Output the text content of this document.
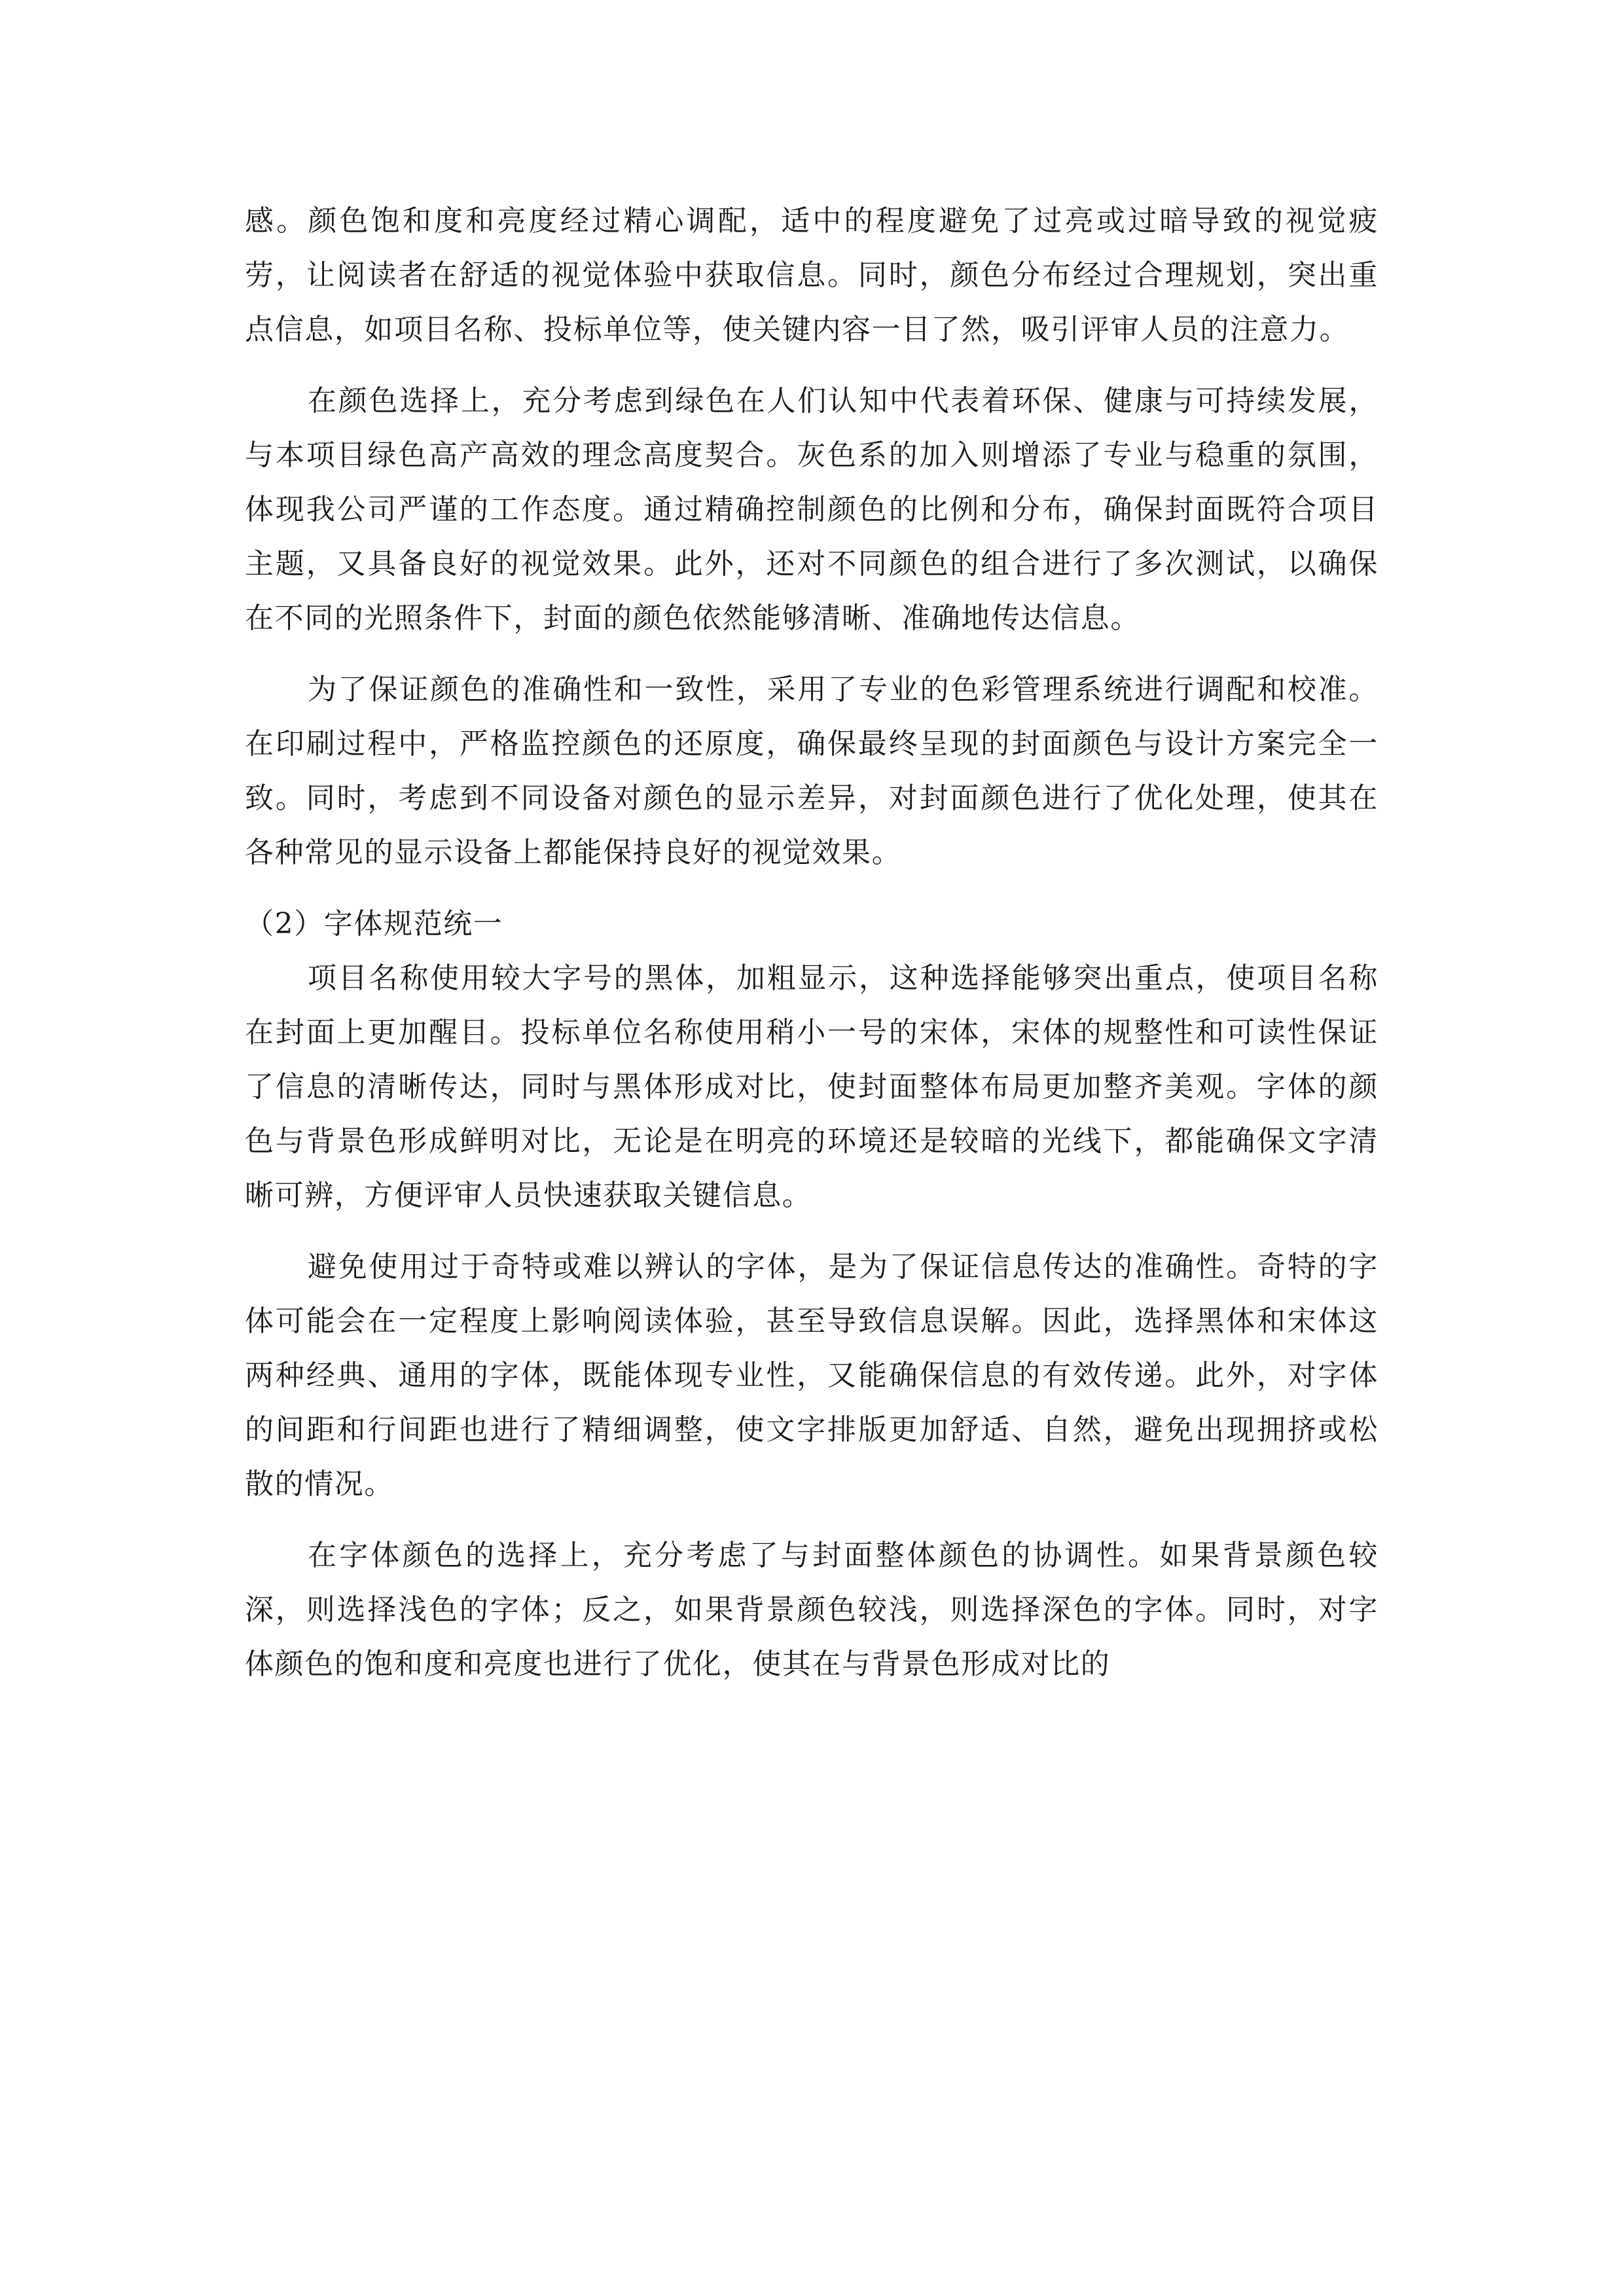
感。颜色饱和度和亮度经过精心调配，适中的程度避免了过亮或过暗导致的视觉疲劳，让阅读者在舒适的视觉体验中获取信息。同时，颜色分布经过合理规划，突出重点信息，如项目名称、投标单位等，使关键内容一目了然，吸引评审人员的注意力。

在颜色选择上，充分考虑到绿色在人们认知中代表着环保、健康与可持续发展，与本项目绿色高产高效的理念高度契合。灰色系的加入则增添了专业与稳重的氛围，体现我公司严谨的工作态度。通过精确控制颜色的比例和分布，确保封面既符合项目主题，又具备良好的视觉效果。此外，还对不同颜色的组合进行了多次测试，以确保在不同的光照条件下，封面的颜色依然能够清晰、准确地传达信息。

为了保证颜色的准确性和一致性，采用了专业的色彩管理系统进行调配和校准。在印刷过程中，严格监控颜色的还原度，确保最终呈现的封面颜色与设计方案完全一致。同时，考虑到不同设备对颜色的显示差异，对封面颜色进行了优化处理，使其在各种常见的显示设备上都能保持良好的视觉效果。

（2）字体规范统一

项目名称使用较大字号的黑体，加粗显示，这种选择能够突出重点，使项目名称在封面上更加醒目。投标单位名称使用稍小一号的宋体，宋体的规整性和可读性保证了信息的清晰传达，同时与黑体形成对比，使封面整体布局更加整齐美观。字体的颜色与背景色形成鲜明对比，无论是在明亮的环境还是较暗的光线下，都能确保文字清晰可辨，方便评审人员快速获取关键信息。

避免使用过于奇特或难以辨认的字体，是为了保证信息传达的准确性。奇特的字体可能会在一定程度上影响阅读体验，甚至导致信息误解。因此，选择黑体和宋体这两种经典、通用的字体，既能体现专业性，又能确保信息的有效传递。此外，对字体的间距和行间距也进行了精细调整，使文字排版更加舒适、自然，避免出现拥挤或松散的情况。

在字体颜色的选择上，充分考虑了与封面整体颜色的协调性。如果背景颜色较深，则选择浅色的字体；反之，如果背景颜色较浅，则选择深色的字体。同时，对字体颜色的饱和度和亮度也进行了优化，使其在与背景色形成对比的
